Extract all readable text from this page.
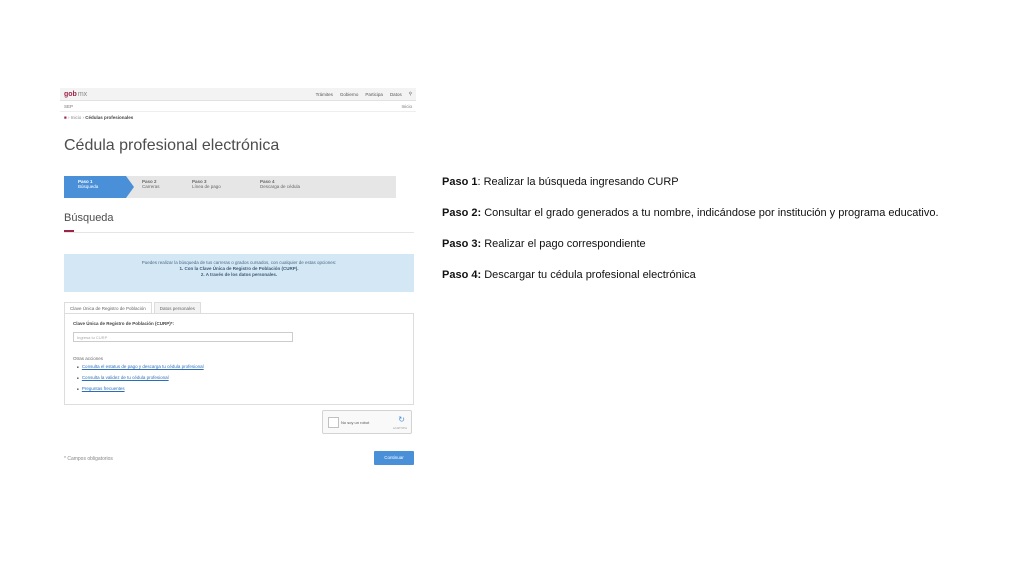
gobmx	Trámites Gobierno Participa Datos ⚲
SEP	Inicio
■ › Inicio › Cédulas profesionales
Cédula profesional electrónica
Paso 1
Búsqueda
Paso 2
Carreras
Paso 3
Línea de pago
Paso 4
Descarga de cédula
Búsqueda
Puedes realizar la búsqueda de tus carreras o grados cursados, con cualquier de estas opciones:
1. Con la Clave Única de Registro de Población (CURP).
2. A través de los datos personales.
Clave Única de Registro de Población	Datos personales
Clave Única de Registro de Población (CURP)*:
Ingresa tu CURP
Otras acciones
■ Consulta el estatus de pago y descarga tu cédula profesional
■ Consulta la validez de tu cédula profesional
■ Preguntas frecuentes
No soy un robot	↻
reCAPTCHA
* Campos obligatorios	Continuar
Paso 1: Realizar la búsqueda ingresando CURP
Paso 2: Consultar el grado generados a tu nombre, indicándose por institución y programa educativo.
Paso 3: Realizar el pago correspondiente
Paso 4: Descargar tu cédula profesional electrónica
